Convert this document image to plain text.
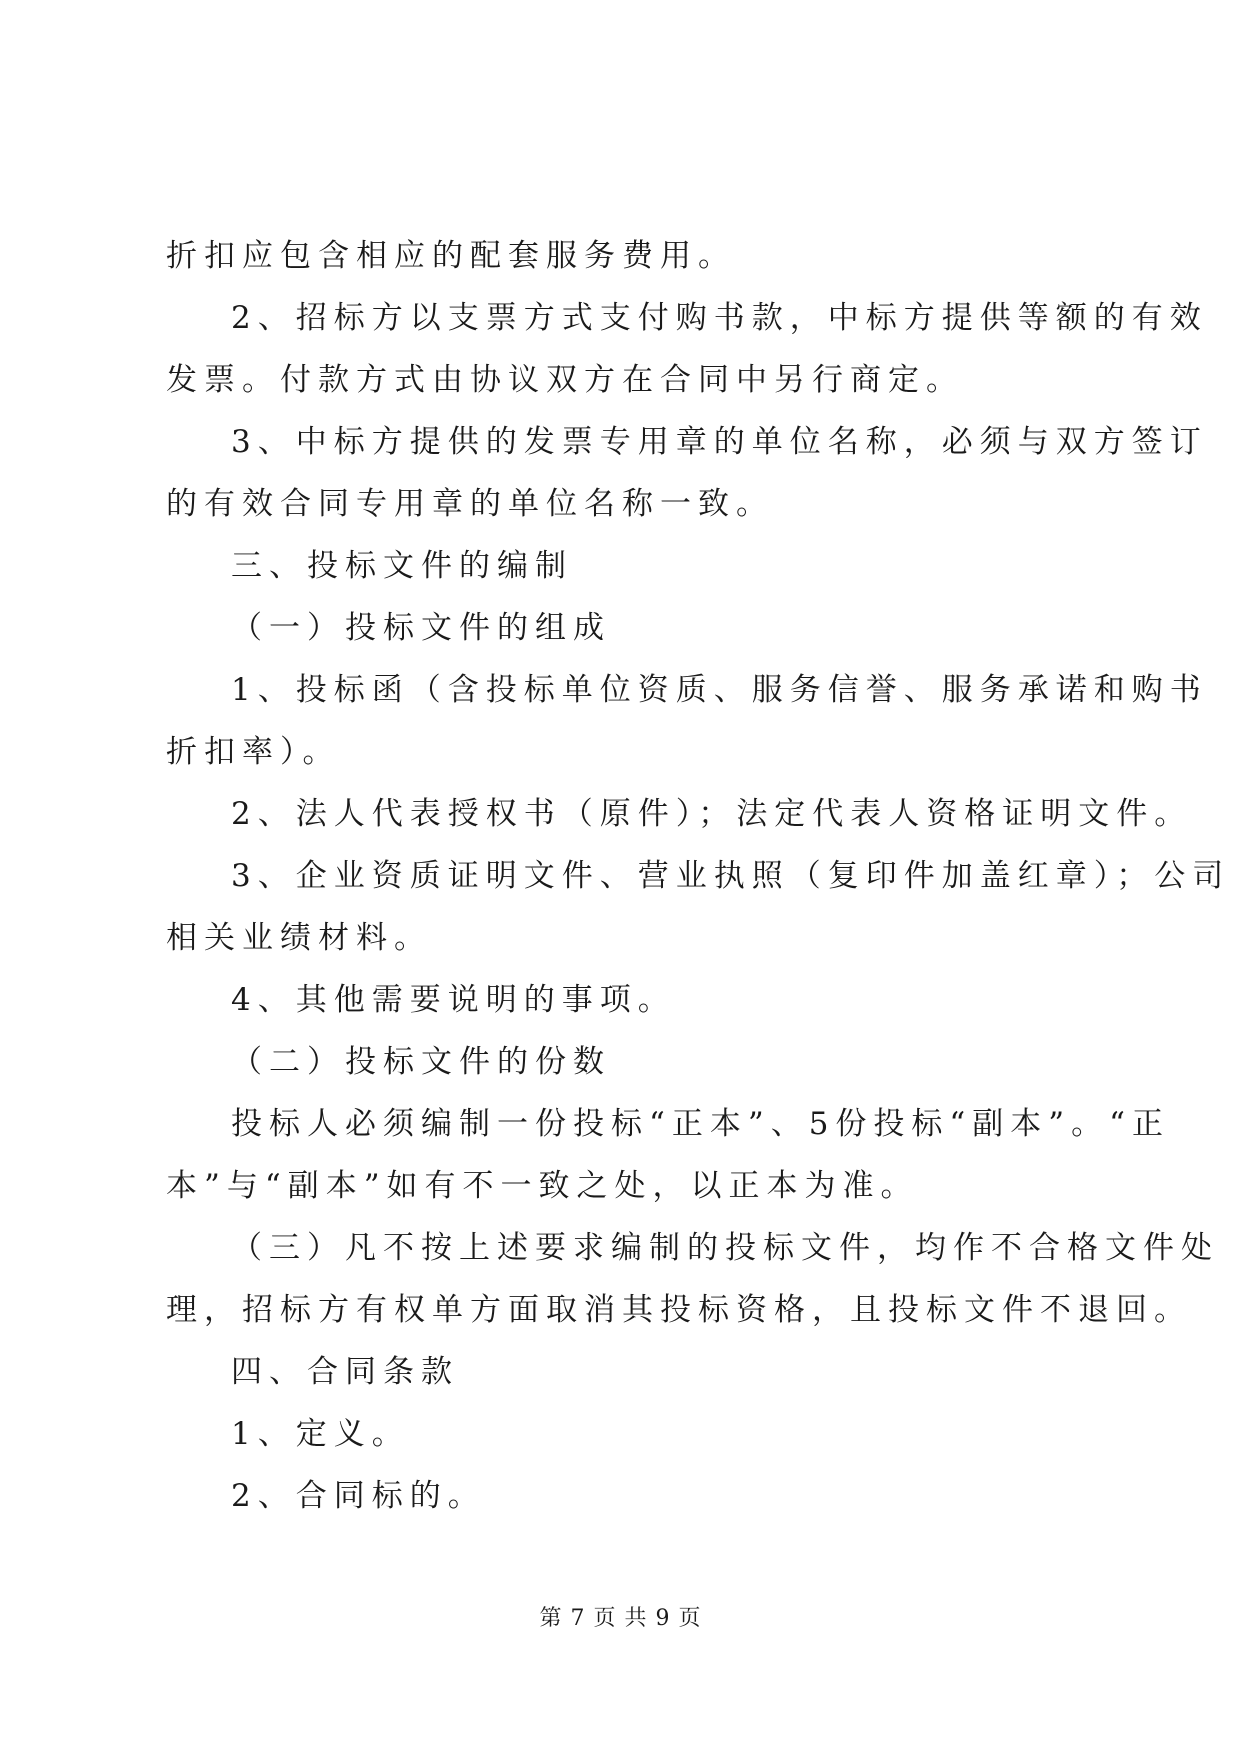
折扣应包含相应的配套服务费用。
2、招标方以支票方式支付购书款，中标方提供等额的有效
发票。付款方式由协议双方在合同中另行商定。
3、中标方提供的发票专用章的单位名称，必须与双方签订
的有效合同专用章的单位名称一致。
三、投标文件的编制
（一）投标文件的组成
1、投标函（含投标单位资质、服务信誉、服务承诺和购书
折扣率）。
2、法人代表授权书（原件）；法定代表人资格证明文件。
3、企业资质证明文件、营业执照（复印件加盖红章）；公司
相关业绩材料。
4、其他需要说明的事项。
（二）投标文件的份数
投标人必须编制一份投标“正本”、5份投标“副本”。“正
本”与“副本”如有不一致之处，以正本为准。
（三）凡不按上述要求编制的投标文件，均作不合格文件处
理，招标方有权单方面取消其投标资格，且投标文件不退回。
四、合同条款
1、定义。
2、合同标的。
第 7 页 共 9 页
